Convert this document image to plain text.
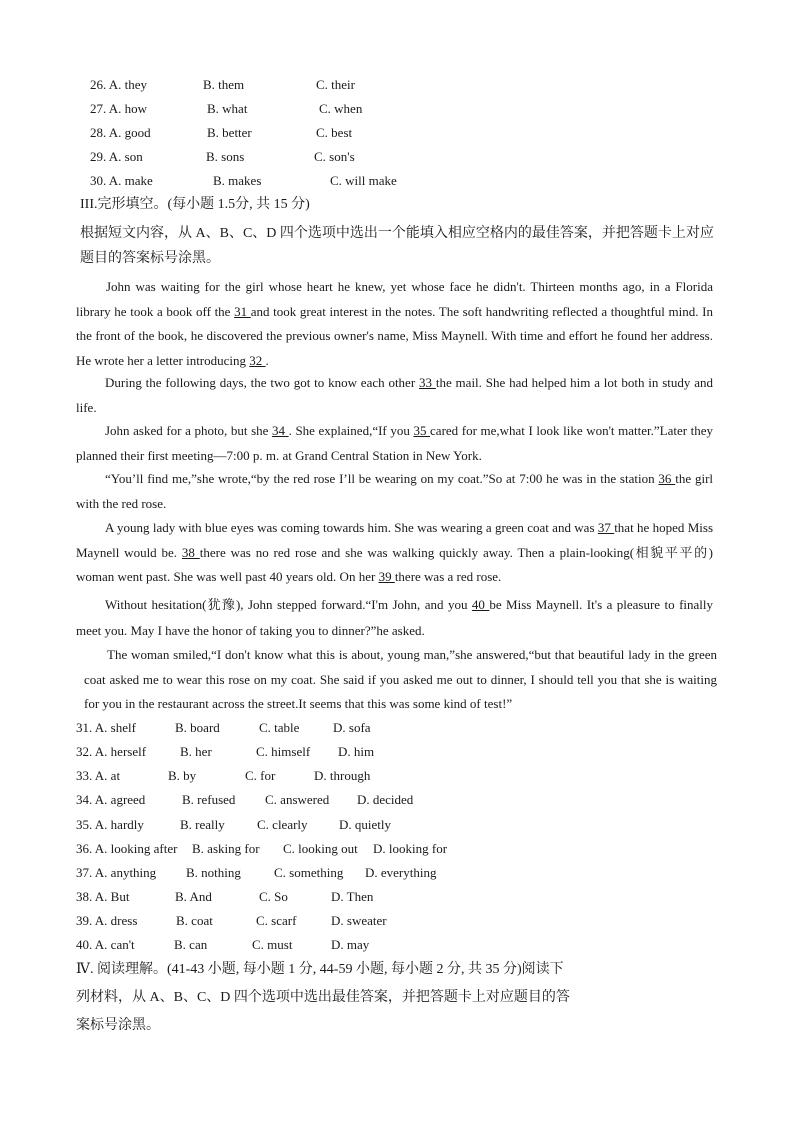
26. A. they	B. them	C. their
27. A. how	B. what	C. when
28. A. good	B. better	C. best
29. A. son	B. sons	C. son's
30. A. make	B. makes	C. will make
III.完形填空。(每小题 1.5分, 共 15 分)
根据短文内容，从 A、B、C、D 四个选项中选出一个能填入相应空格内的最佳答案，并把答题卡上对应
题目的答案标号涂黑。
John was waiting for the girl whose heart he knew, yet whose face he didn't. Thirteen months ago, in a Florida library he took a book off the 31 and took great interest in the notes. The soft handwriting reflected a thoughtful mind. In the front of the book, he discovered the previous owner's name, Miss Maynell. With time and effort he found her address. He wrote her a letter introducing 32 .
During the following days, the two got to know each other 33 the mail. She had helped him a lot both in study and life.
John asked for a photo, but she 34 . She explained,“If you 35 cared for me,what I look like won't matter.”Later they planned their first meeting—7:00 p. m. at Grand Central Station in New York.
“You’ll find me,”she wrote,“by the red rose I’ll be wearing on my coat.”So at 7:00 he was in the station 36 the girl with the red rose.
A young lady with blue eyes was coming towards him. She was wearing a green coat and was 37 that he hoped Miss Maynell would be. 38 there was no red rose and she was walking quickly away. Then a plain-looking(相貌平平的) woman went past. She was well past 40 years old. On her 39 there was a red rose.
Without hesitation(犹豫), John stepped forward.“I'm John, and you 40 be Miss Maynell. It's a pleasure to finally meet you. May I have the honor of taking you to dinner?”he asked.
The woman smiled,“I don't know what this is about, young man,”she answered,“but that beautiful lady in the green coat asked me to wear this rose on my coat. She said if you asked me out to dinner, I should tell you that she is waiting for you in the restaurant across the street.It seems that this was some kind of test!”
31. A. shelf	B. board	C. table	D. sofa
32. A. herself	B. her	C. himself D. him
33. A. at	B. by	C. for	D. through
34. A. agreed	B. refused C. answered D. decided
35. A. hardly	B. really C. clearly D. quietly
36. A. looking after B. asking for C. looking out D. looking for
37. A. anything B. nothing	C. something D. everything
38. A. But	B. And	C. So	D. Then
39. A. dress	B. coat	C. scarf	D. sweater
40. A. can't	B. can	C. must	D. may
Ⅳ. 阅读理解。(41-43 小题, 每小题 1 分, 44-59 小题, 每小题 2 分, 共 35 分)阅读下
列材料，从 A、B、C、D 四个选项中选出最佳答案，并把答题卡上对应题目的答
案标号涂黑。
